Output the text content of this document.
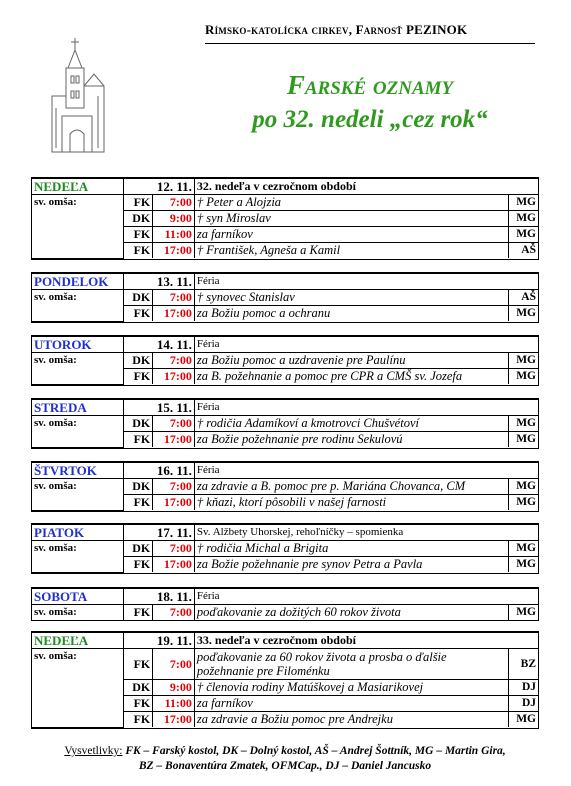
Rímsko-katolícka cirkev, Farnosť PEZINOK
Farské oznamy
po 32. nedeli „cez rok“
NEDEĽA	12. 11.		32. nedeľa v cezročnom období	
sv. omša:	FK	7:00	† Peter a Alojzia	MG
	DK	9:00	† syn Miroslav	MG
	FK	11:00	za farníkov	MG
	FK	17:00	† František, Agneša a Kamil	AŠ
PONDELOK	13. 11.		Féria	
sv. omša:	DK	7:00	† synovec Stanislav	AŠ
	FK	17:00	za Božiu pomoc a ochranu	MG
UTOROK	14. 11.		Féria	
sv. omša:	DK	7:00	za Božiu pomoc a uzdravenie pre Paulínu	MG
	FK	17:00	za B. požehnanie a pomoc pre CPR a CMŠ sv. Jozefa	MG
STREDA	15. 11.		Féria	
sv. omša:	DK	7:00	† rodičia Adamíkoví a kmotrovci Chušvétoví	MG
	FK	17:00	za Božie požehnanie pre rodinu Sekulovú	MG
ŠTVRTOK	16. 11.		Féria	
sv. omša:	DK	7:00	za zdravie a B. pomoc pre p. Mariána Chovanca, CM	MG
	FK	17:00	† kňazi, ktorí pôsobili v našej farnosti	MG
PIATOK	17. 11.		Sv. Alžbety Uhorskej, rehoľníčky – spomienka	
sv. omša:	DK	7:00	† rodičia Michal a Brigita	MG
	FK	17:00	za Božie požehnanie pre synov Petra a Pavla	MG
SOBOTA	18. 11.		Féria	
sv. omša:	FK	7:00	poďakovanie za dožitých 60 rokov života	MG
NEDEĽA	19. 11.		33. nedeľa v cezročnom období	
sv. omša:	FK	7:00	poďakovanie za 60 rokov života a prosba o ďalšie požehnanie pre Filoménku	BZ
	DK	9:00	† členovia rodiny Matúškovej a Masiarikovej	DJ
	FK	11:00	za farníkov	DJ
	FK	17:00	za zdravie a Božiu pomoc pre Andrejku	MG
Vysvetlivky: FK – Farský kostol, DK – Dolný kostol, AŠ – Andrej Šottník, MG – Martin Gira,
BZ – Bonaventúra Zmatek, OFMCap., DJ – Daniel Jancusko
